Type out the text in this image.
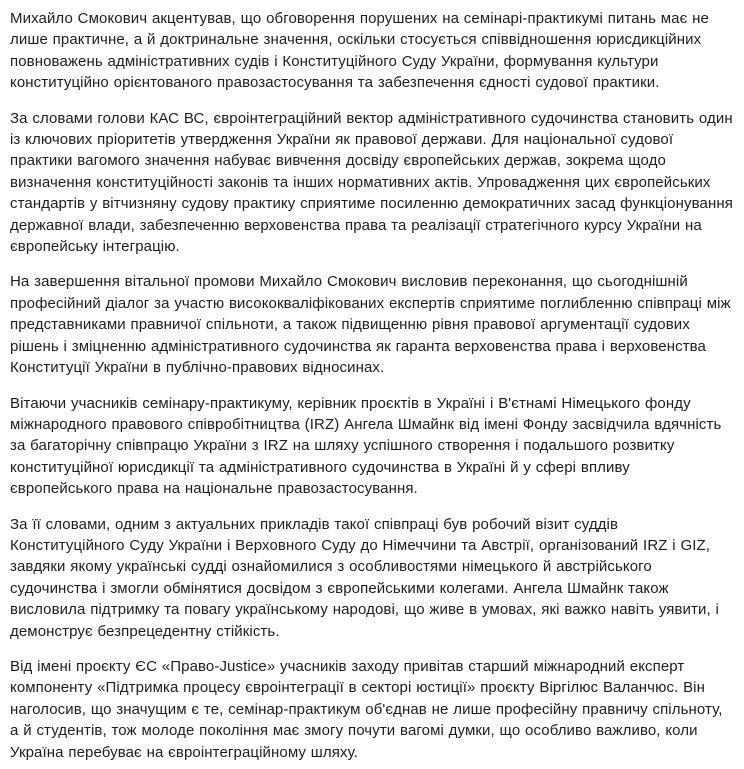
Михайло Смокович акцентував, що обговорення порушених на семінарі-практикумі питань має не лише практичне, а й доктринальне значення, оскільки стосується співвідношення юрисдикційних повноважень адміністративних судів і Конституційного Суду України, формування культури конституційно орієнтованого правозастосування та забезпечення єдності судової практики.

За словами голови КАС ВС, євроінтеграційний вектор адміністративного судочинства становить один із ключових пріоритетів утвердження України як правової держави. Для національної судової практики вагомого значення набуває вивчення досвіду європейських держав, зокрема щодо визначення конституційності законів та інших нормативних актів. Упровадження цих європейських стандартів у вітчизняну судову практику сприятиме посиленню демократичних засад функціонування державної влади, забезпеченню верховенства права та реалізації стратегічного курсу України на європейську інтеграцію.

На завершення вітальної промови Михайло Смокович висловив переконання, що сьогоднішній професійний діалог за участю висококваліфікованих експертів сприятиме поглибленню співпраці між представниками правничої спільноти, а також підвищенню рівня правової аргументації судових рішень і зміцненню адміністративного судочинства як гаранта верховенства права і верховенства Конституції України в публічно-правових відносинах.

Вітаючи учасників семінару-практикуму, керівник проєктів в Україні і В'єтнамі Німецького фонду міжнародного правового співробітництва (IRZ) Ангела Шмайнк від імені Фонду засвідчила вдячність за багаторічну співпрацю України з IRZ на шляху успішного створення і подальшого розвитку конституційної юрисдикції та адміністративного судочинства в Україні й у сфері впливу європейського права на національне правозастосування.

За її словами, одним з актуальних прикладів такої співпраці був робочий візит суддів Конституційного Суду України і Верховного Суду до Німеччини та Австрії, організований IRZ і GIZ, завдяки якому українські судді ознайомилися з особливостями німецького й австрійського судочинства і змогли обмінятися досвідом з європейськими колегами. Ангела Шмайнк також висловила підтримку та повагу українському народові, що живе в умовах, які важко навіть уявити, і демонструє безпрецедентну стійкість.

Від імені проєкту ЄС «Право-Justice» учасників заходу привітав старший міжнародний експерт компоненту «Підтримка процесу євроінтеграції в секторі юстиції» проєкту Віргілюс Валанчюс. Він наголосив, що значущим є те, семінар-практикум об'єднав не лише професійну правничу спільноту, а й студентів, тож молоде покоління має змогу почути вагомі думки, що особливо важливо, коли Україна перебуває на євроінтеграційному шляху.
